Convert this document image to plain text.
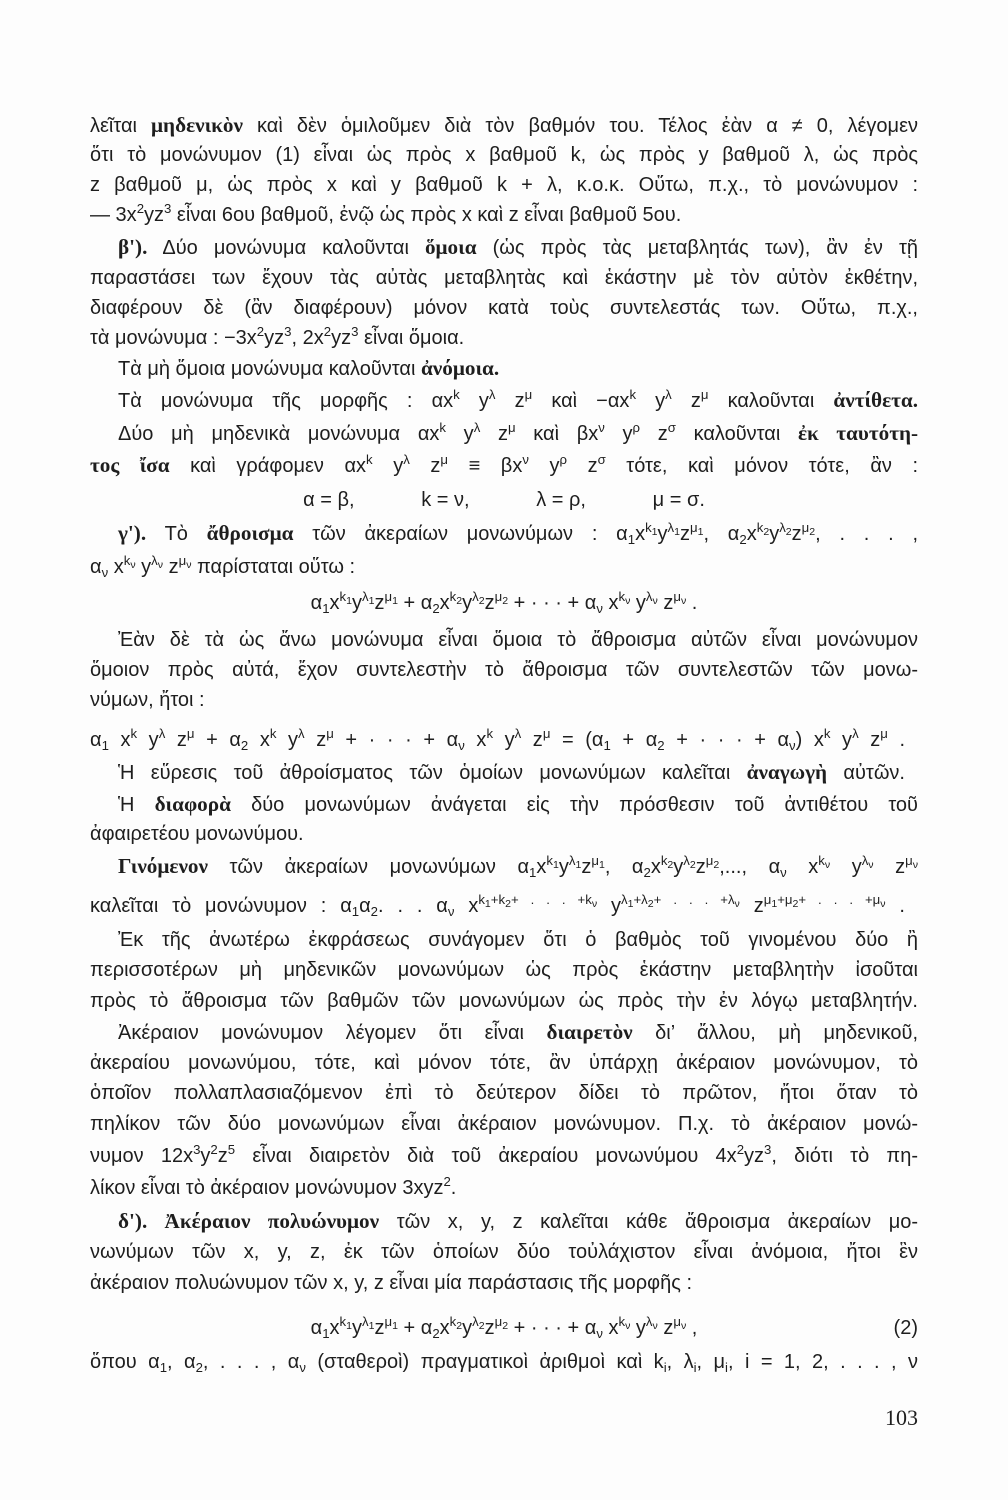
λεῖται μηδενικὸν καὶ δὲν ὁμιλοῦμεν διὰ τὸν βαθμόν του. Τέλος ἐὰν α ≠ 0, λέγομεν
ὅτι τὸ μονώνυμον (1) εἶναι ὡς πρὸς x βαθμοῦ k, ὡς πρὸς y βαθμοῦ λ, ὡς πρὸς
z βαθμοῦ μ, ὡς πρὸς x καὶ y βαθμοῦ k + λ, κ.ο.κ. Οὕτω, π.χ., τὸ μονώνυμον :
— $3x^2yz^3$ εἶναι 6ου βαθμοῦ, ἐνῷ ὡς πρὸς x καὶ z εἶναι βαθμοῦ 5ου.
β'). Δύο μονώνυμα καλοῦνται ὅμοια (ὡς πρὸς τὰς μεταβλητάς των), ἂν ἐν τῇ
παραστάσει των ἔχουν τὰς αὐτὰς μεταβλητὰς καὶ ἑκάστην μὲ τὸν αὐτὸν ἐκθέτην,
διαφέρουν δὲ (ἂν διαφέρουν) μόνον κατὰ τοὺς συντελεστάς των. Οὕτω, π.χ.,
τὰ μονώνυμα : $-3x^2yz^3$, $2x^2yz^3$ εἶναι ὅμοια.
Τὰ μὴ ὅμοια μονώνυμα καλοῦνται ἀνόμοια.
Τὰ μονώνυμα τῆς μορφῆς : $\alpha x^k$ $y^\lambda$ $z^\mu$ καὶ $-\alpha x^k$ $y^\lambda$ $z^\mu$ καλοῦνται ἀντίθετα.
Δύο μὴ μηδενικὰ μονώνυμα $\alpha x^k$ $y^\lambda$ $z^\mu$ καὶ $\beta x^\nu$ $y^\rho$ $z^\sigma$ καλοῦνται ἐκ ταυτότη-
τος ἴσα καὶ γράφομεν $\alpha x^k$ $y^\lambda$ $z^\mu \equiv \beta x^\nu$ $y^\rho$ $z^\sigma$ τότε, καὶ μόνον τότε, ἂν :
α = β,            k = ν,            λ = ρ,            μ = σ.
γ'). Τὸ ἄθροισμα τῶν ἀκεραίων μονωνύμων : $\alpha_1x^{k_1}y^{\lambda_1}z^{\mu_1}$, $\alpha_2x^{k_2}y^{\lambda_2}z^{\mu_2}$, . . . ,
$\alpha_\nu$ $x^{k_\nu}$ $y^{\lambda_\nu}$ $z^{\mu_\nu}$ παρίσταται οὕτω :
$\alpha_1x^{k_1}y^{\lambda_1}z^{\mu_1} + \alpha_2x^{k_2}y^{\lambda_2}z^{\mu_2}$ + · · · + $\alpha_\nu$ $x^{k_\nu}$ $y^{\lambda_\nu}$ $z^{\mu_\nu}$ .
Ἐὰν δὲ τὰ ὡς ἄνω μονώνυμα εἶναι ὅμοια τὸ ἄθροισμα αὐτῶν εἶναι μονώνυμον
ὅμοιον πρὸς αὐτά, ἔχον συντελεστὴν τὸ ἄθροισμα τῶν συντελεστῶν τῶν μονω-
νύμων, ἤτοι :
$\alpha_1$ $x^k$ $y^\lambda$ $z^\mu + \alpha_2$ $x^k$ $y^\lambda$ $z^\mu$ + · · · + $\alpha_\nu$ $x^k$ $y^\lambda$ $z^\mu = (\alpha_1 + \alpha_2$ + · · · + $\alpha_\nu$) $x^k$ $y^\lambda$ $z^\mu$ .
Ἡ εὕρεσις τοῦ ἀθροίσματος τῶν ὁμοίων μονωνύμων καλεῖται ἀναγωγὴ αὐτῶν.
Ἡ διαφορὰ δύο μονωνύμων ἀνάγεται εἰς τὴν πρόσθεσιν τοῦ ἀντιθέτου τοῦ
ἀφαιρετέου μονωνύμου.
Γινόμενον τῶν ἀκεραίων μονωνύμων $\alpha_1x^{k_1}y^{\lambda_1}z^{\mu_1}$, $\alpha_2x^{k_2}y^{\lambda_2}z^{\mu_2}$,..., $\alpha_\nu$ $x^{k_\nu}$ $y^{\lambda_\nu}$ $z^{\mu_\nu}$
καλεῖται τὸ μονώνυμον : $\alpha_1\alpha_2$. . . $\alpha_\nu$ $x^{k_1+k_2+ . . . +k_\nu}$ $y^{\lambda_1+\lambda_2+ . . . +\lambda_\nu}$ $z^{\mu_1+\mu_2+ . . . +\mu_\nu}$ .
Ἐκ τῆς ἀνωτέρω ἐκφράσεως συνάγομεν ὅτι ὁ βαθμὸς τοῦ γινομένου δύο ἢ
περισσοτέρων μὴ μηδενικῶν μονωνύμων ὡς πρὸς ἑκάστην μεταβλητὴν ἰσοῦται
πρὸς τὸ ἄθροισμα τῶν βαθμῶν τῶν μονωνύμων ὡς πρὸς τὴν ἐν λόγῳ μεταβλητήν.
Ἀκέραιον μονώνυμον λέγομεν ὅτι εἶναι διαιρετὸν δι’ ἄλλου, μὴ μηδενικοῦ,
ἀκεραίου μονωνύμου, τότε, καὶ μόνον τότε, ἂν ὑπάρχῃ ἀκέραιον μονώνυμον, τὸ
ὁποῖον πολλαπλασιαζόμενον ἐπὶ τὸ δεύτερον δίδει τὸ πρῶτον, ἤτοι ὅταν τὸ
πηλίκον τῶν δύο μονωνύμων εἶναι ἀκέραιον μονώνυμον. Π.χ. τὸ ἀκέραιον μονώ-
νυμον $12x^3y^2z^5$ εἶναι διαιρετὸν διὰ τοῦ ἀκεραίου μονωνύμου $4x^2yz^3$, διότι τὸ πη-
λίκον εἶναι τὸ ἀκέραιον μονώνυμον 3xyz$^2$.
δ'). Ἀκέραιον πολυώνυμον τῶν x, y, z καλεῖται κάθε ἄθροισμα ἀκεραίων μο-
νωνύμων τῶν x, y, z, ἐκ τῶν ὁποίων δύο τοὐλάχιστον εἶναι ἀνόμοια, ἤτοι ἓν
ἀκέραιον πολυώνυμον τῶν x, y, z εἶναι μία παράστασις τῆς μορφῆς :
$\alpha_1x^{k_1}y^{\lambda_1}z^{\mu_1} + \alpha_2x^{k_2}y^{\lambda_2}z^{\mu_2}$ + · · · + $\alpha_\nu$ $x^{k_\nu}$ $y^{\lambda_\nu}$ $z^{\mu_\nu}$ ,	(2)
ὅπου $\alpha_1$, $\alpha_2$, . . . , $\alpha_\nu$ (σταθεροὶ) πραγματικοὶ ἀριθμοὶ καὶ $k_i$, $\lambda_i$, $\mu_i$, i = 1, 2, . . . , ν
103
